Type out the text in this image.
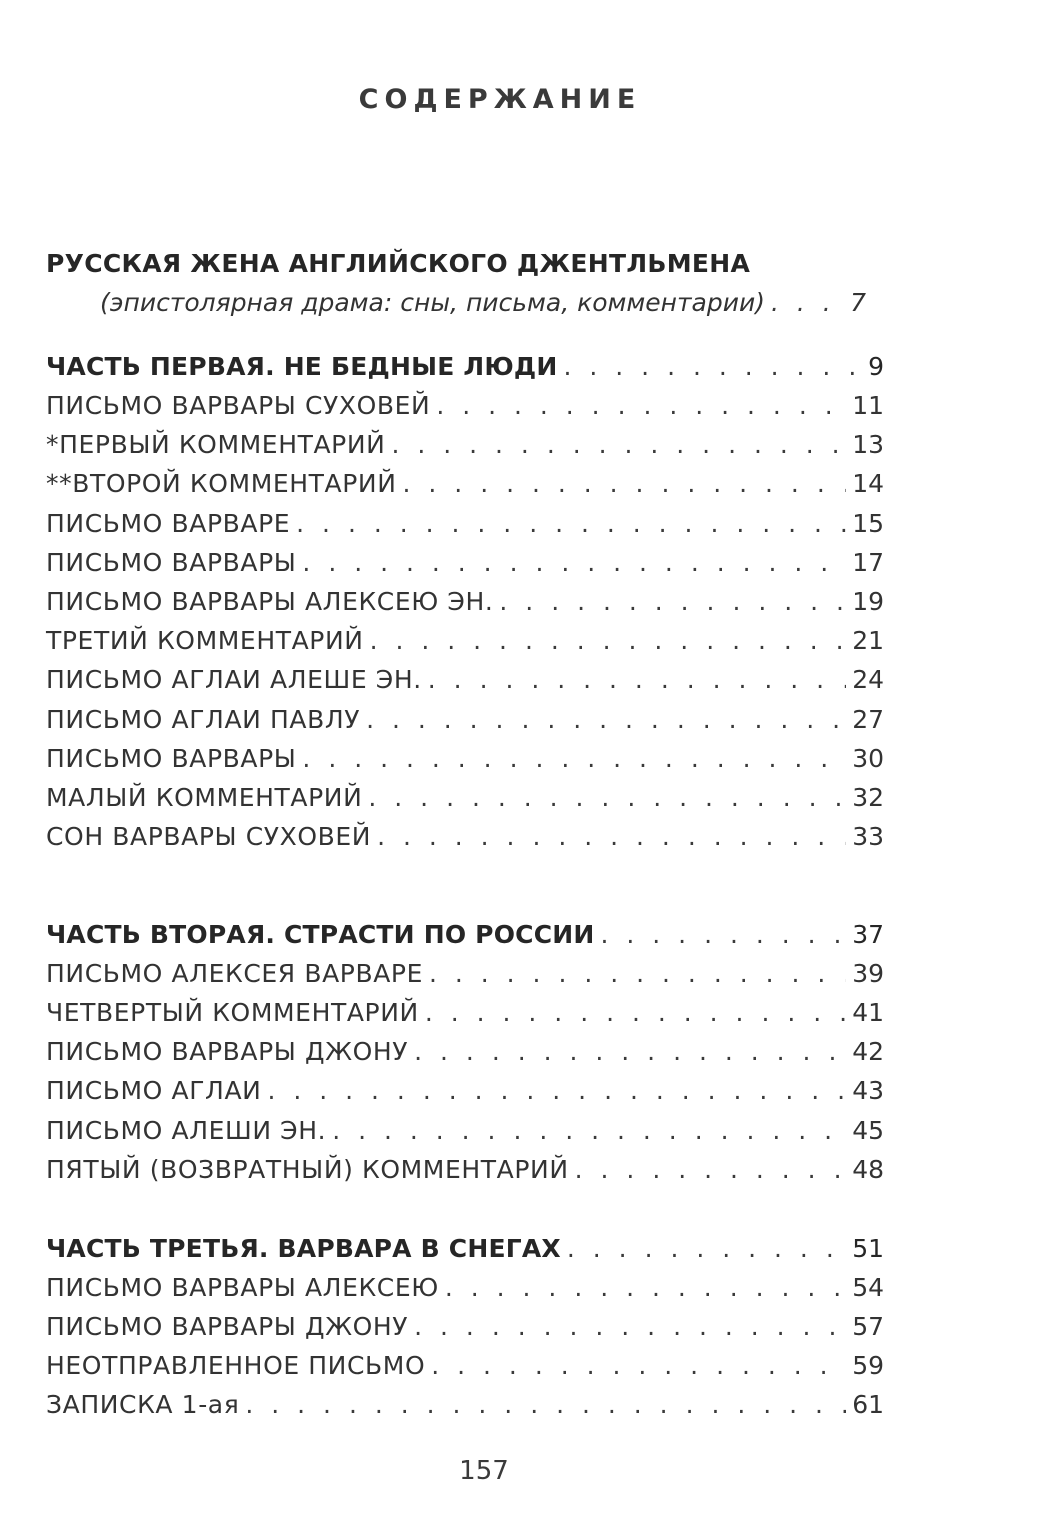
СОДЕРЖАНИЕ
РУССКАЯ ЖЕНА АНГЛИЙСКОГО ДЖЕНТЛЬМЕНА
(эпистолярная драма: сны, письма, комментарии) . . .	7
ЧАСТЬ ПЕРВАЯ. НЕ БЕДНЫЕ ЛЮДИ . . .	9
ПИСЬМО ВАРВАРЫ СУХОВЕЙ . . .	11
*ПЕРВЫЙ КОММЕНТАРИЙ . . .	13
**ВТОРОЙ КОММЕНТАРИЙ . . .	14
ПИСЬМО ВАРВАРЕ . . .	15
ПИСЬМО ВАРВАРЫ . . .	17
ПИСЬМО ВАРВАРЫ АЛЕКСЕЮ ЭН. . . .	19
ТРЕТИЙ КОММЕНТАРИЙ . . .	21
ПИСЬМО АГЛАИ АЛЕШЕ ЭН. . . .	24
ПИСЬМО АГЛАИ ПАВЛУ . . .	27
ПИСЬМО ВАРВАРЫ . . .	30
МАЛЫЙ КОММЕНТАРИЙ . . .	32
СОН ВАРВАРЫ СУХОВЕЙ . . .	33
ЧАСТЬ ВТОРАЯ. СТРАСТИ ПО РОССИИ . . .	37
ПИСЬМО АЛЕКСЕЯ ВАРВАРЕ . . .	39
ЧЕТВЕРТЫЙ КОММЕНТАРИЙ . . .	41
ПИСЬМО ВАРВАРЫ ДЖОНУ . . .	42
ПИСЬМО АГЛАИ . . .	43
ПИСЬМО АЛЕШИ ЭН. . . .	45
ПЯТЫЙ (ВОЗВРАТНЫЙ) КОММЕНТАРИЙ . . .	48
ЧАСТЬ ТРЕТЬЯ. ВАРВАРА В СНЕГАХ . . .	51
ПИСЬМО ВАРВАРЫ АЛЕКСЕЮ . . .	54
ПИСЬМО ВАРВАРЫ ДЖОНУ . . .	57
НЕОТПРАВЛЕННОЕ ПИСЬМО . . .	59
ЗАПИСКА 1-ая . . .	61
157
